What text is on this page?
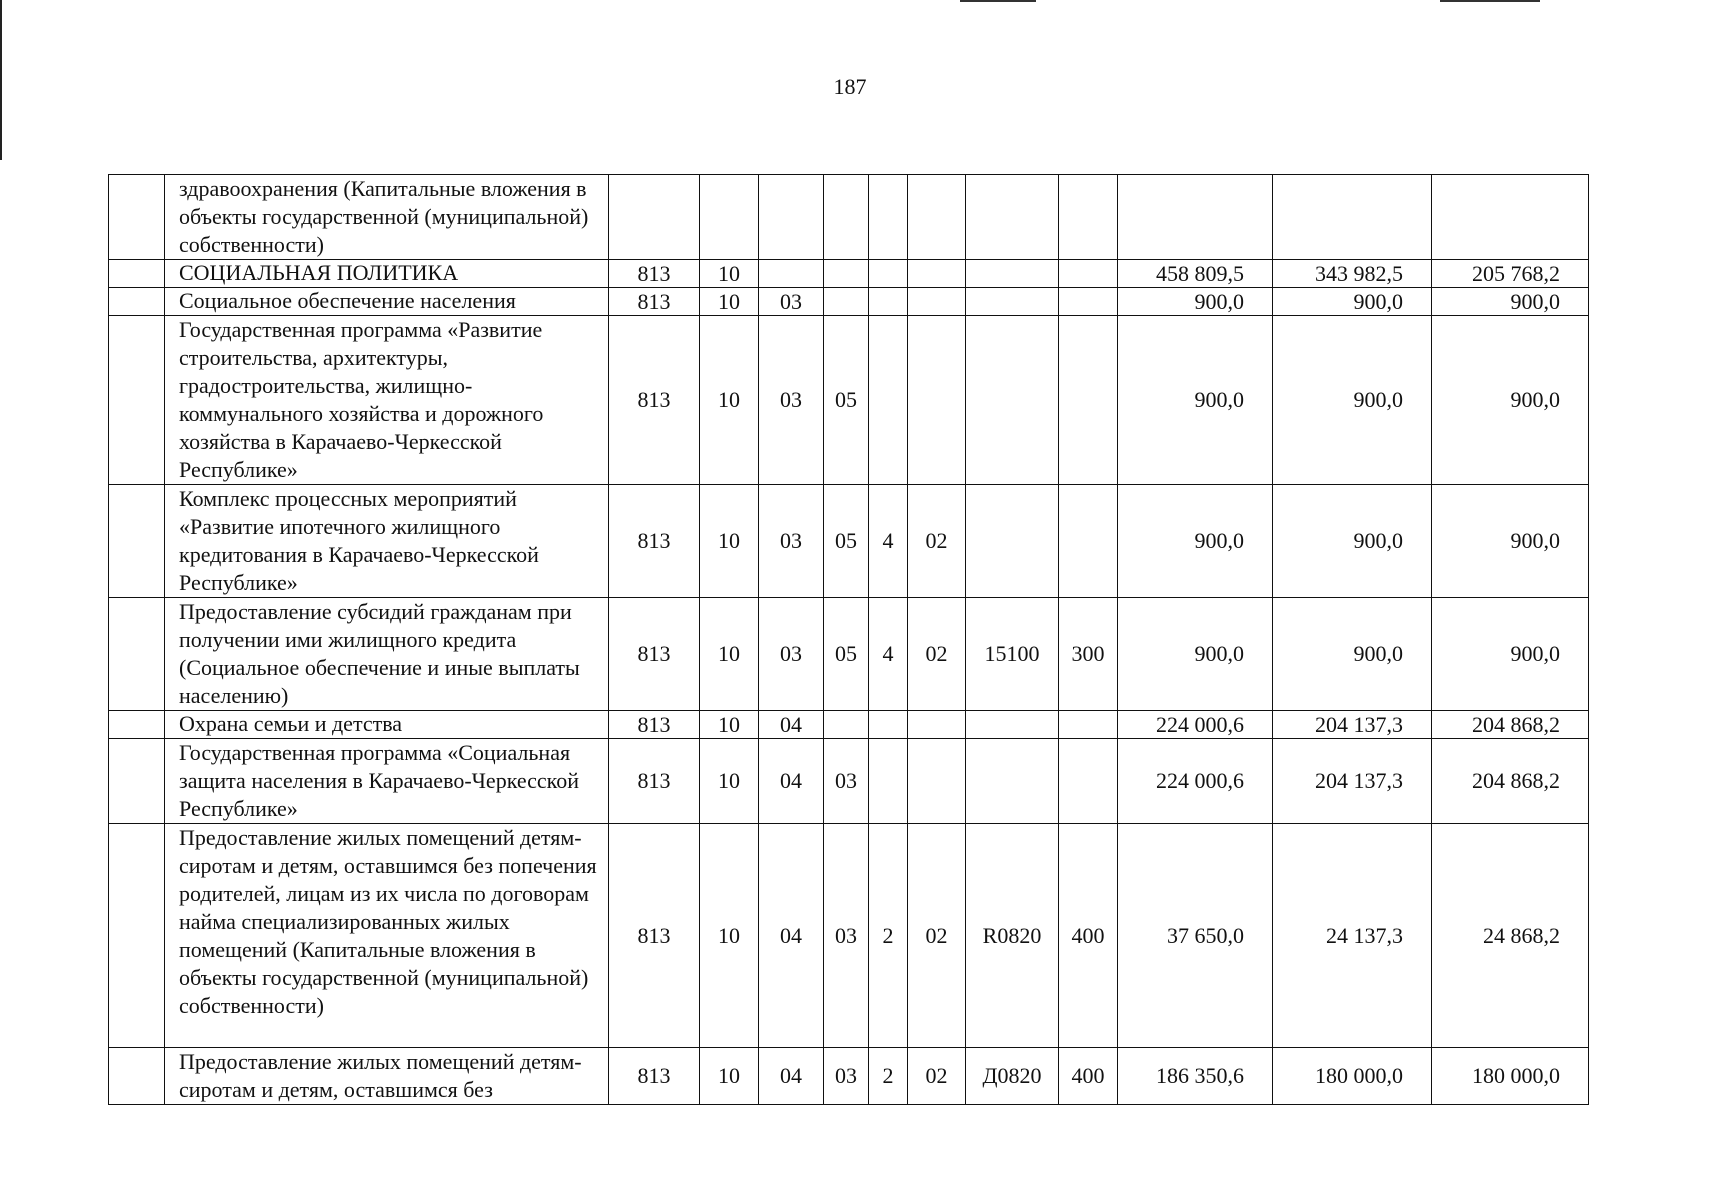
187
	здравоохранения (Капитальные вложения в объекты государственной (муниципальной) собственности)											
	СОЦИАЛЬНАЯ ПОЛИТИКА	813	10							458 809,5	343 982,5	205 768,2
	Социальное обеспечение населения	813	10	03						900,0	900,0	900,0
	Государственная программа «Развитие строительства, архитектуры, градостроительства, жилищно-коммунального хозяйства и дорожного хозяйства в Карачаево-Черкесской Республике»	813	10	03	05					900,0	900,0	900,0
	Комплекс процессных мероприятий «Развитие ипотечного жилищного кредитования в Карачаево-Черкесской Республике»	813	10	03	05	4	02			900,0	900,0	900,0
	Предоставление субсидий гражданам при получении ими жилищного кредита (Социальное обеспечение и иные выплаты населению)	813	10	03	05	4	02	15100	300	900,0	900,0	900,0
	Охрана семьи и детства	813	10	04						224 000,6	204 137,3	204 868,2
	Государственная программа «Социальная защита населения в Карачаево-Черкесской Республике»	813	10	04	03					224 000,6	204 137,3	204 868,2
	Предоставление жилых помещений детям-сиротам и детям, оставшимся без попечения родителей, лицам из их числа по договорам найма специализированных жилых помещений (Капитальные вложения в объекты государственной (муниципальной) собственности)	813	10	04	03	2	02	R0820	400	37 650,0	24 137,3	24 868,2
	Предоставление жилых помещений детям-сиротам и детям, оставшимся без	813	10	04	03	2	02	Д0820	400	186 350,6	180 000,0	180 000,0
